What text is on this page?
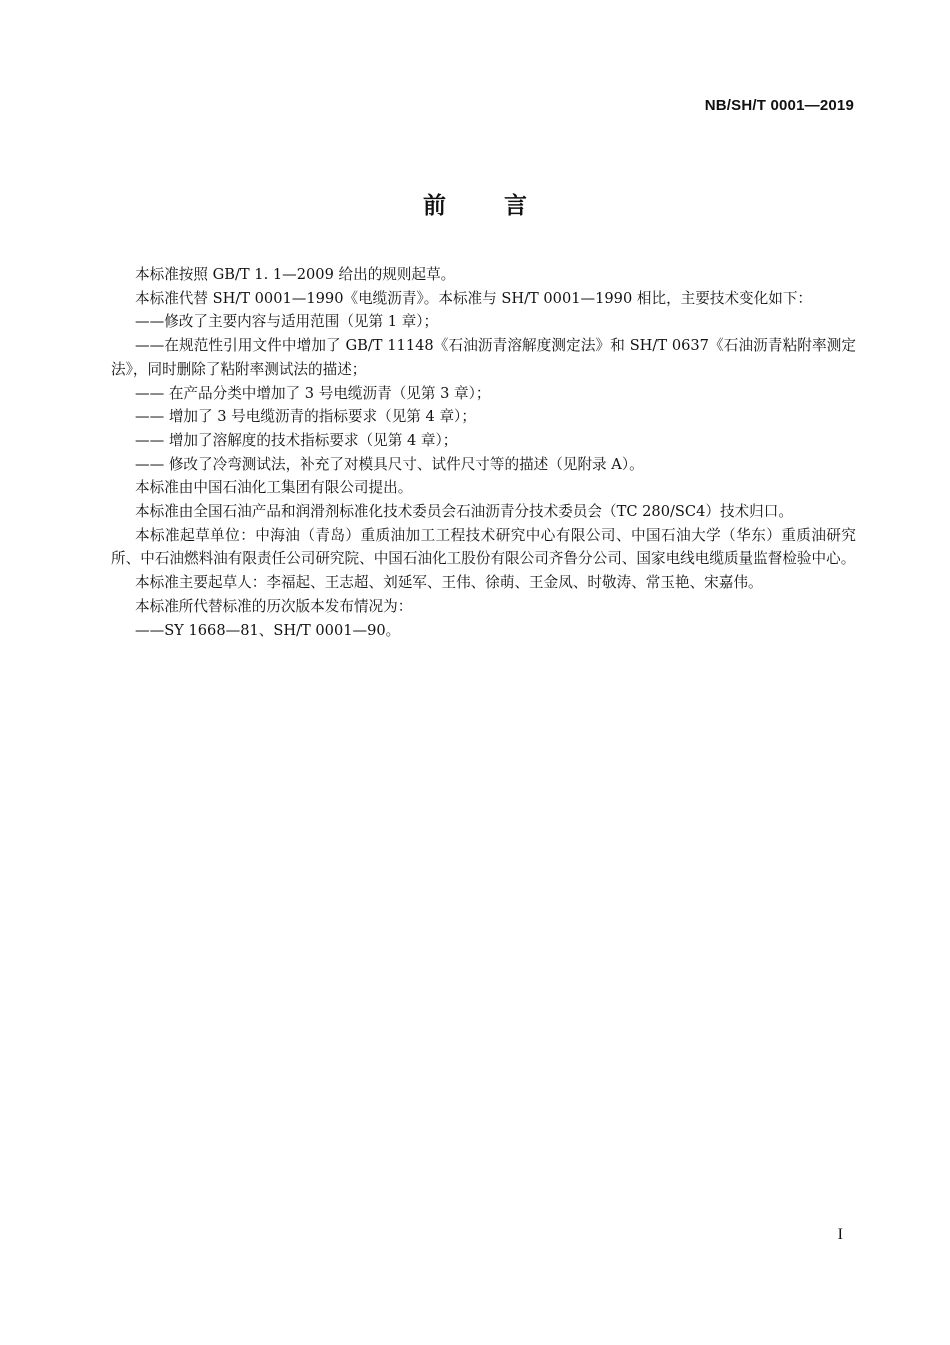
NB/SH/T 0001—2019
前言

本标准按照 GB/T 1. 1—2009 给出的规则起草。

本标准代替 SH/T 0001—1990《电缆沥青》。本标准与 SH/T 0001—1990 相比，主要技术变化如下：

——修改了主要内容与适用范围（见第 1 章）；

——在规范性引用文件中增加了 GB/T 11148《石油沥青溶解度测定法》和 SH/T 0637《石油沥青粘附率测定法》，同时删除了粘附率测试法的描述；

—— 在产品分类中增加了 3 号电缆沥青（见第 3 章）；

—— 增加了 3 号电缆沥青的指标要求（见第 4 章）；

—— 增加了溶解度的技术指标要求（见第 4 章）；

—— 修改了冷弯测试法，补充了对模具尺寸、试件尺寸等的描述（见附录 A）。

本标准由中国石油化工集团有限公司提出。

本标准由全国石油产品和润滑剂标准化技术委员会石油沥青分技术委员会（TC 280/SC4）技术归口。

本标准起草单位：中海油（青岛）重质油加工工程技术研究中心有限公司、中国石油大学（华东）重质油研究所、中石油燃料油有限责任公司研究院、中国石油化工股份有限公司齐鲁分公司、国家电线电缆质量监督检验中心。

本标准主要起草人：李福起、王志超、刘延军、王伟、徐萌、王金凤、时敬涛、常玉艳、宋嘉伟。

本标准所代替标准的历次版本发布情况为：

——SY 1668—81、SH/T 0001—90。

I
